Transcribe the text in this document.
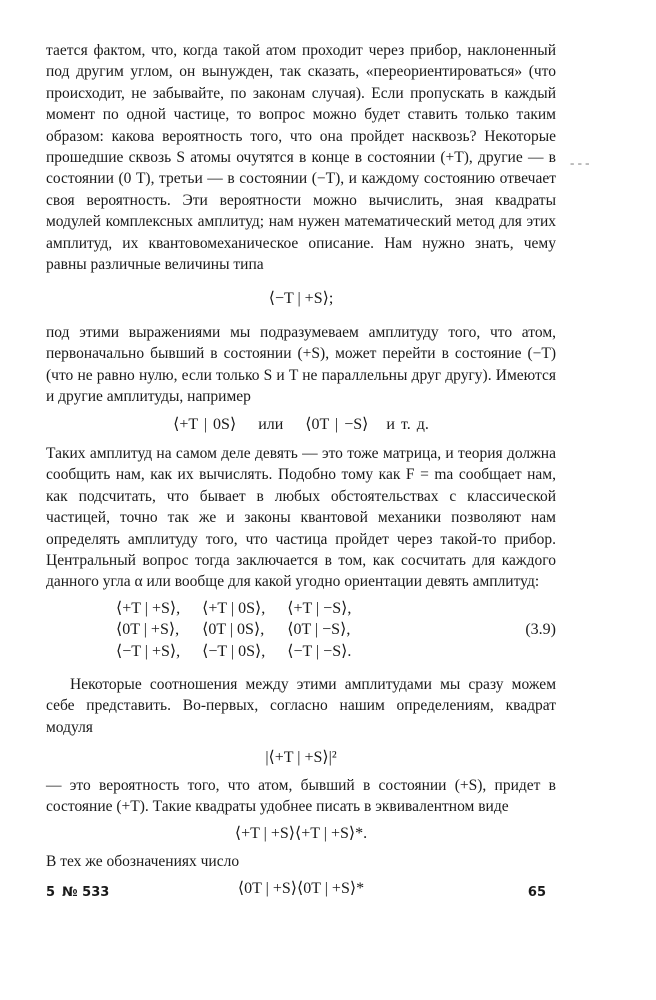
- - -

тается фактом, что, когда такой атом проходит через прибор, наклоненный под другим углом, он вынужден, так сказать, «переориентироваться» (что происходит, не забывайте, по законам случая). Если пропускать в каждый момент по одной частице, то вопрос можно будет ставить только таким образом: какова вероятность того, что она пройдет насквозь? Некоторые прошедшие сквозь S атомы очутятся в конце в состоянии (+T), другие — в состоянии (0 T), третьи — в состоянии (−T), и каждому состоянию отвечает своя вероятность. Эти вероятности можно вычислить, зная квадраты модулей комплексных амплитуд; нам нужен математический метод для этих амплитуд, их квантовомеханическое описание. Нам нужно знать, чему равны различные величины типа

⟨−T | +S⟩;

под этими выражениями мы подразумеваем амплитуду того, что атом, первоначально бывший в состоянии (+S), может перейти в состояние (−T) (что не равно нулю, если только S и T не параллельны друг другу). Имеются и другие амплитуды, например

⟨+T | 0S⟩ или ⟨0T | −S⟩ и т. д.

Таких амплитуд на самом деле девять — это тоже матрица, и теория должна сообщить нам, как их вычислять. Подобно тому как F = ma сообщает нам, как подсчитать, что бывает в любых обстоятельствах с классической частицей, точно так же и законы квантовой механики позволяют нам определять амплитуду того, что частица пройдет через такой-то прибор. Центральный вопрос тогда заключается в том, как сосчитать для каждого данного угла α или вообще для какой угодно ориентации девять амплитуд:

⟨+T | +S⟩,	⟨+T | 0S⟩,	⟨+T | −S⟩,
⟨0T | +S⟩,	⟨0T | 0S⟩,	⟨0T | −S⟩,
⟨−T | +S⟩,	⟨−T | 0S⟩,	⟨−T | −S⟩.
(3.9)

Некоторые соотношения между этими амплитудами мы сразу можем себе представить. Во-первых, согласно нашим определениям, квадрат модуля

|⟨+T | +S⟩|²

— это вероятность того, что атом, бывший в состоянии (+S), придет в состояние (+T). Такие квадраты удобнее писать в эквивалентном виде

⟨+T | +S⟩⟨+T | +S⟩*.

В тех же обозначениях число

⟨0T | +S⟩⟨0T | +S⟩*
5 № 533	65
